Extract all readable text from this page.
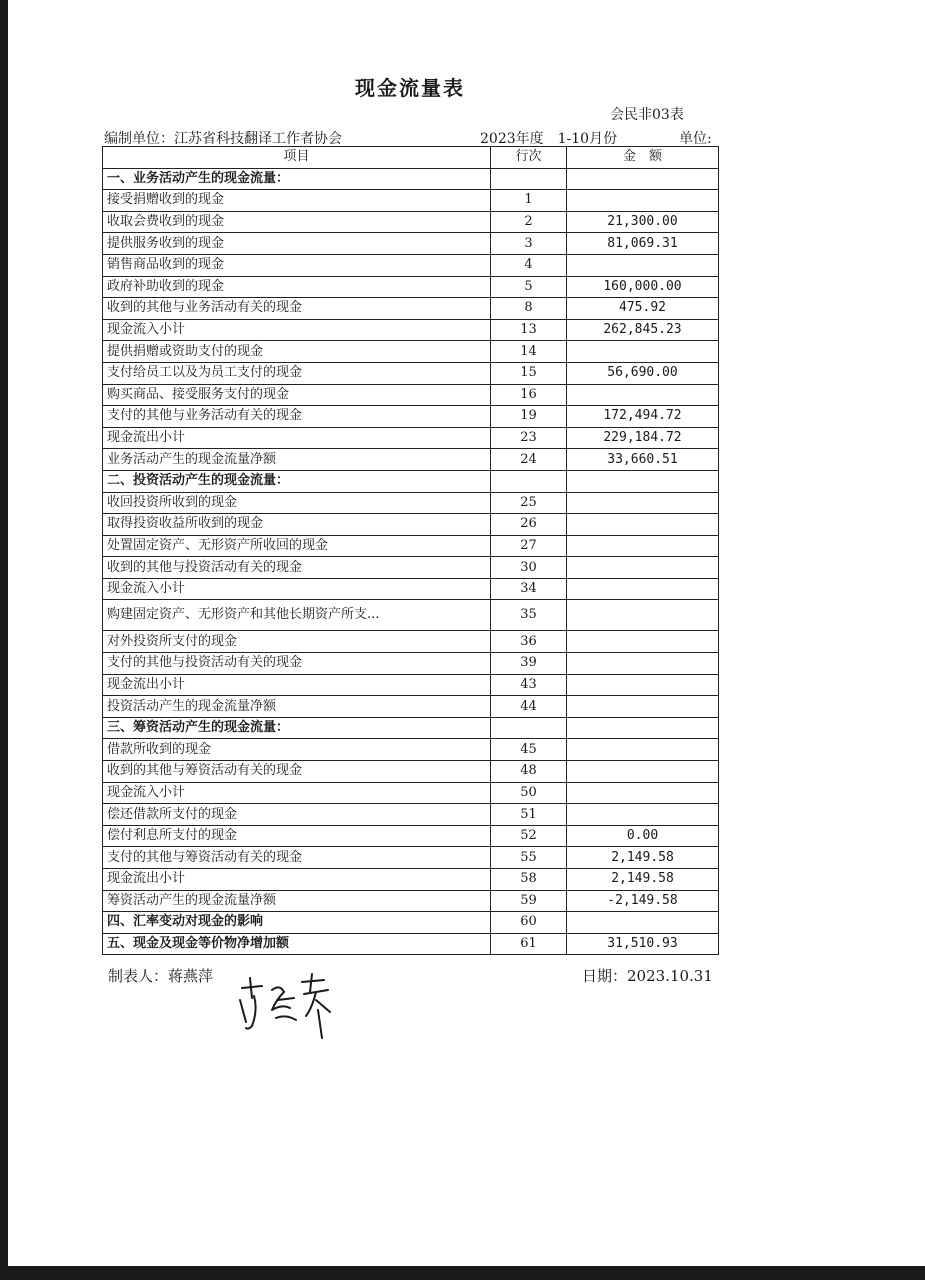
现金流量表
会民非03表
编制单位：江苏省科技翻译工作者协会	2023年度　1-10月份	单位:
项目	行次	金　额
一、业务活动产生的现金流量：		
接受捐赠收到的现金	1	
收取会费收到的现金	2	21,300.00
提供服务收到的现金	3	81,069.31
销售商品收到的现金	4	
政府补助收到的现金	5	160,000.00
收到的其他与业务活动有关的现金	8	475.92
现金流入小计	13	262,845.23
提供捐赠或资助支付的现金	14	
支付给员工以及为员工支付的现金	15	56,690.00
购买商品、接受服务支付的现金	16	
支付的其他与业务活动有关的现金	19	172,494.72
现金流出小计	23	229,184.72
业务活动产生的现金流量净额	24	33,660.51
二、投资活动产生的现金流量：		
收回投资所收到的现金	25	
取得投资收益所收到的现金	26	
处置固定资产、无形资产所收回的现金	27	
收到的其他与投资活动有关的现金	30	
现金流入小计	34	
购建固定资产、无形资产和其他长期资产所支...	35	
对外投资所支付的现金	36	
支付的其他与投资活动有关的现金	39	
现金流出小计	43	
投资活动产生的现金流量净额	44	
三、筹资活动产生的现金流量：		
借款所收到的现金	45	
收到的其他与筹资活动有关的现金	48	
现金流入小计	50	
偿还借款所支付的现金	51	
偿付利息所支付的现金	52	0.00
支付的其他与筹资活动有关的现金	55	2,149.58
现金流出小计	58	2,149.58
筹资活动产生的现金流量净额	59	-2,149.58
四、汇率变动对现金的影响	60	
五、现金及现金等价物净增加额	61	31,510.93
制表人：蒋燕萍	日期：2023.10.31
